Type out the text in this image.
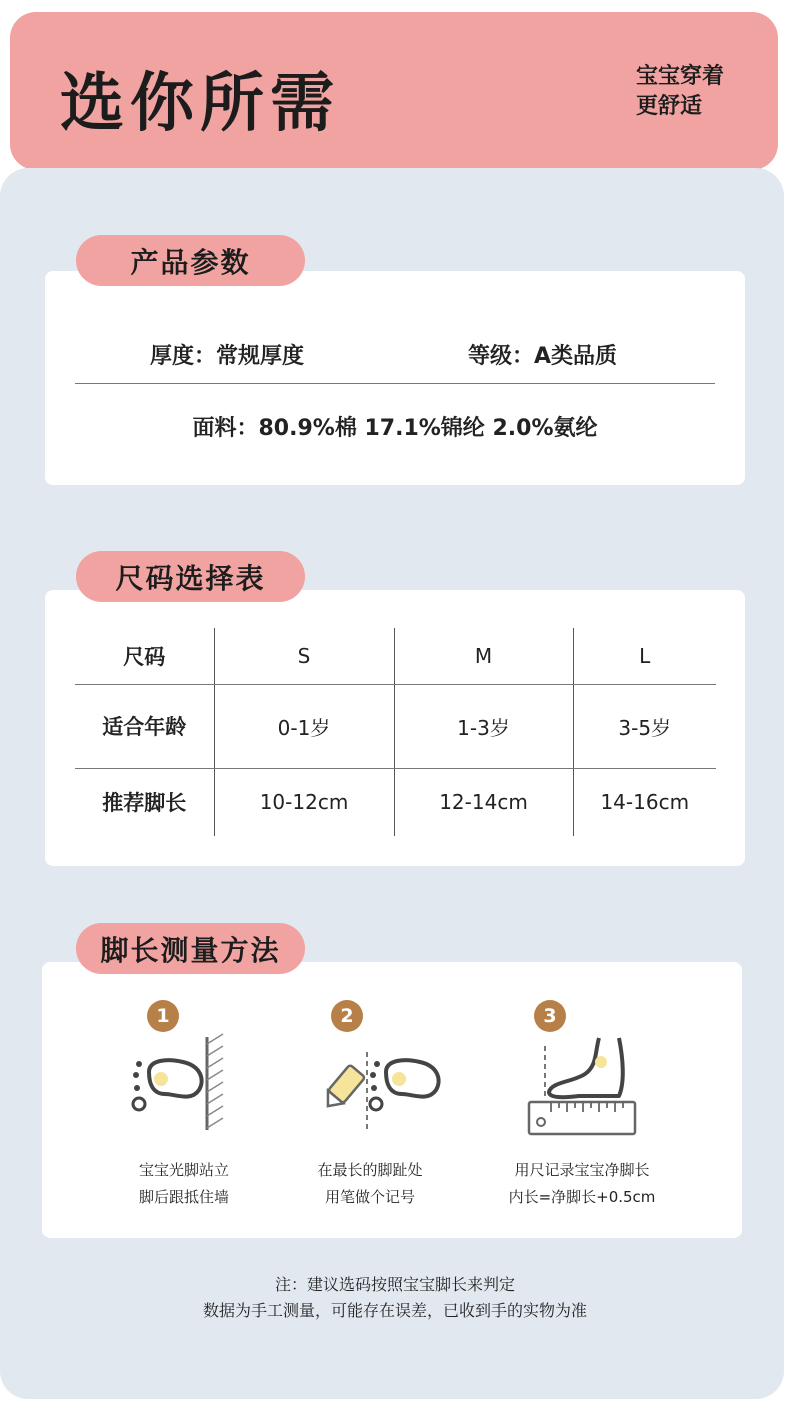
选你所需	宝宝穿着
更舒适
产品参数
厚度：常规厚度	等级：A类品质
面料：80.9%棉 17.1%锦纶 2.0%氨纶
尺码选择表
尺码	S	M	L
适合年龄	0-1岁	1-3岁	3-5岁
推荐脚长	10-12cm	12-14cm	14-16cm
脚长测量方法
1
宝宝光脚站立
脚后跟抵住墙
2
在最长的脚趾处
用笔做个记号
3
用尺记录宝宝净脚长
内长=净脚长+0.5cm
注：建议选码按照宝宝脚长来判定
数据为手工测量，可能存在误差，已收到手的实物为准
